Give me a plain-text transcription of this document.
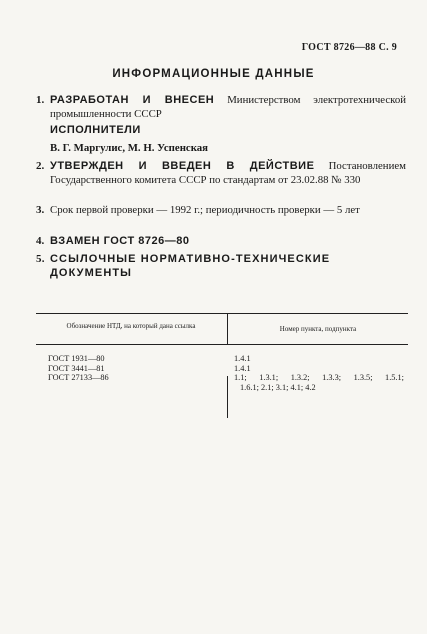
ГОСТ 8726—88 С. 9
ИНФОРМАЦИОННЫЕ ДАННЫЕ
1. РАЗРАБОТАН И ВНЕСЕН Министерством электротехнической промышленности СССР
ИСПОЛНИТЕЛИ
В. Г. Маргулис, М. Н. Успенская
2. УТВЕРЖДЕН И ВВЕДЕН В ДЕЙСТВИЕ Постановлением Государственного комитета СССР по стандартам от 23.02.88 № 330
3. Срок первой проверки — 1992 г.; периодичность проверки — 5 лет
4. ВЗАМЕН ГОСТ 8726—80
5. ССЫЛОЧНЫЕ НОРМАТИВНО-ТЕХНИЧЕСКИЕ ДОКУМЕНТЫ
Обозначение НТД, на который дана ссылка	Номер пункта, подпункта
ГОСТ 1931—80
ГОСТ 3441—81
ГОСТ 27133—86
1.4.1
1.4.1
1.1; 1.3.1; 1.3.2; 1.3.3; 1.3.5; 1.5.1;
1.6.1; 2.1; 3.1; 4.1; 4.2
